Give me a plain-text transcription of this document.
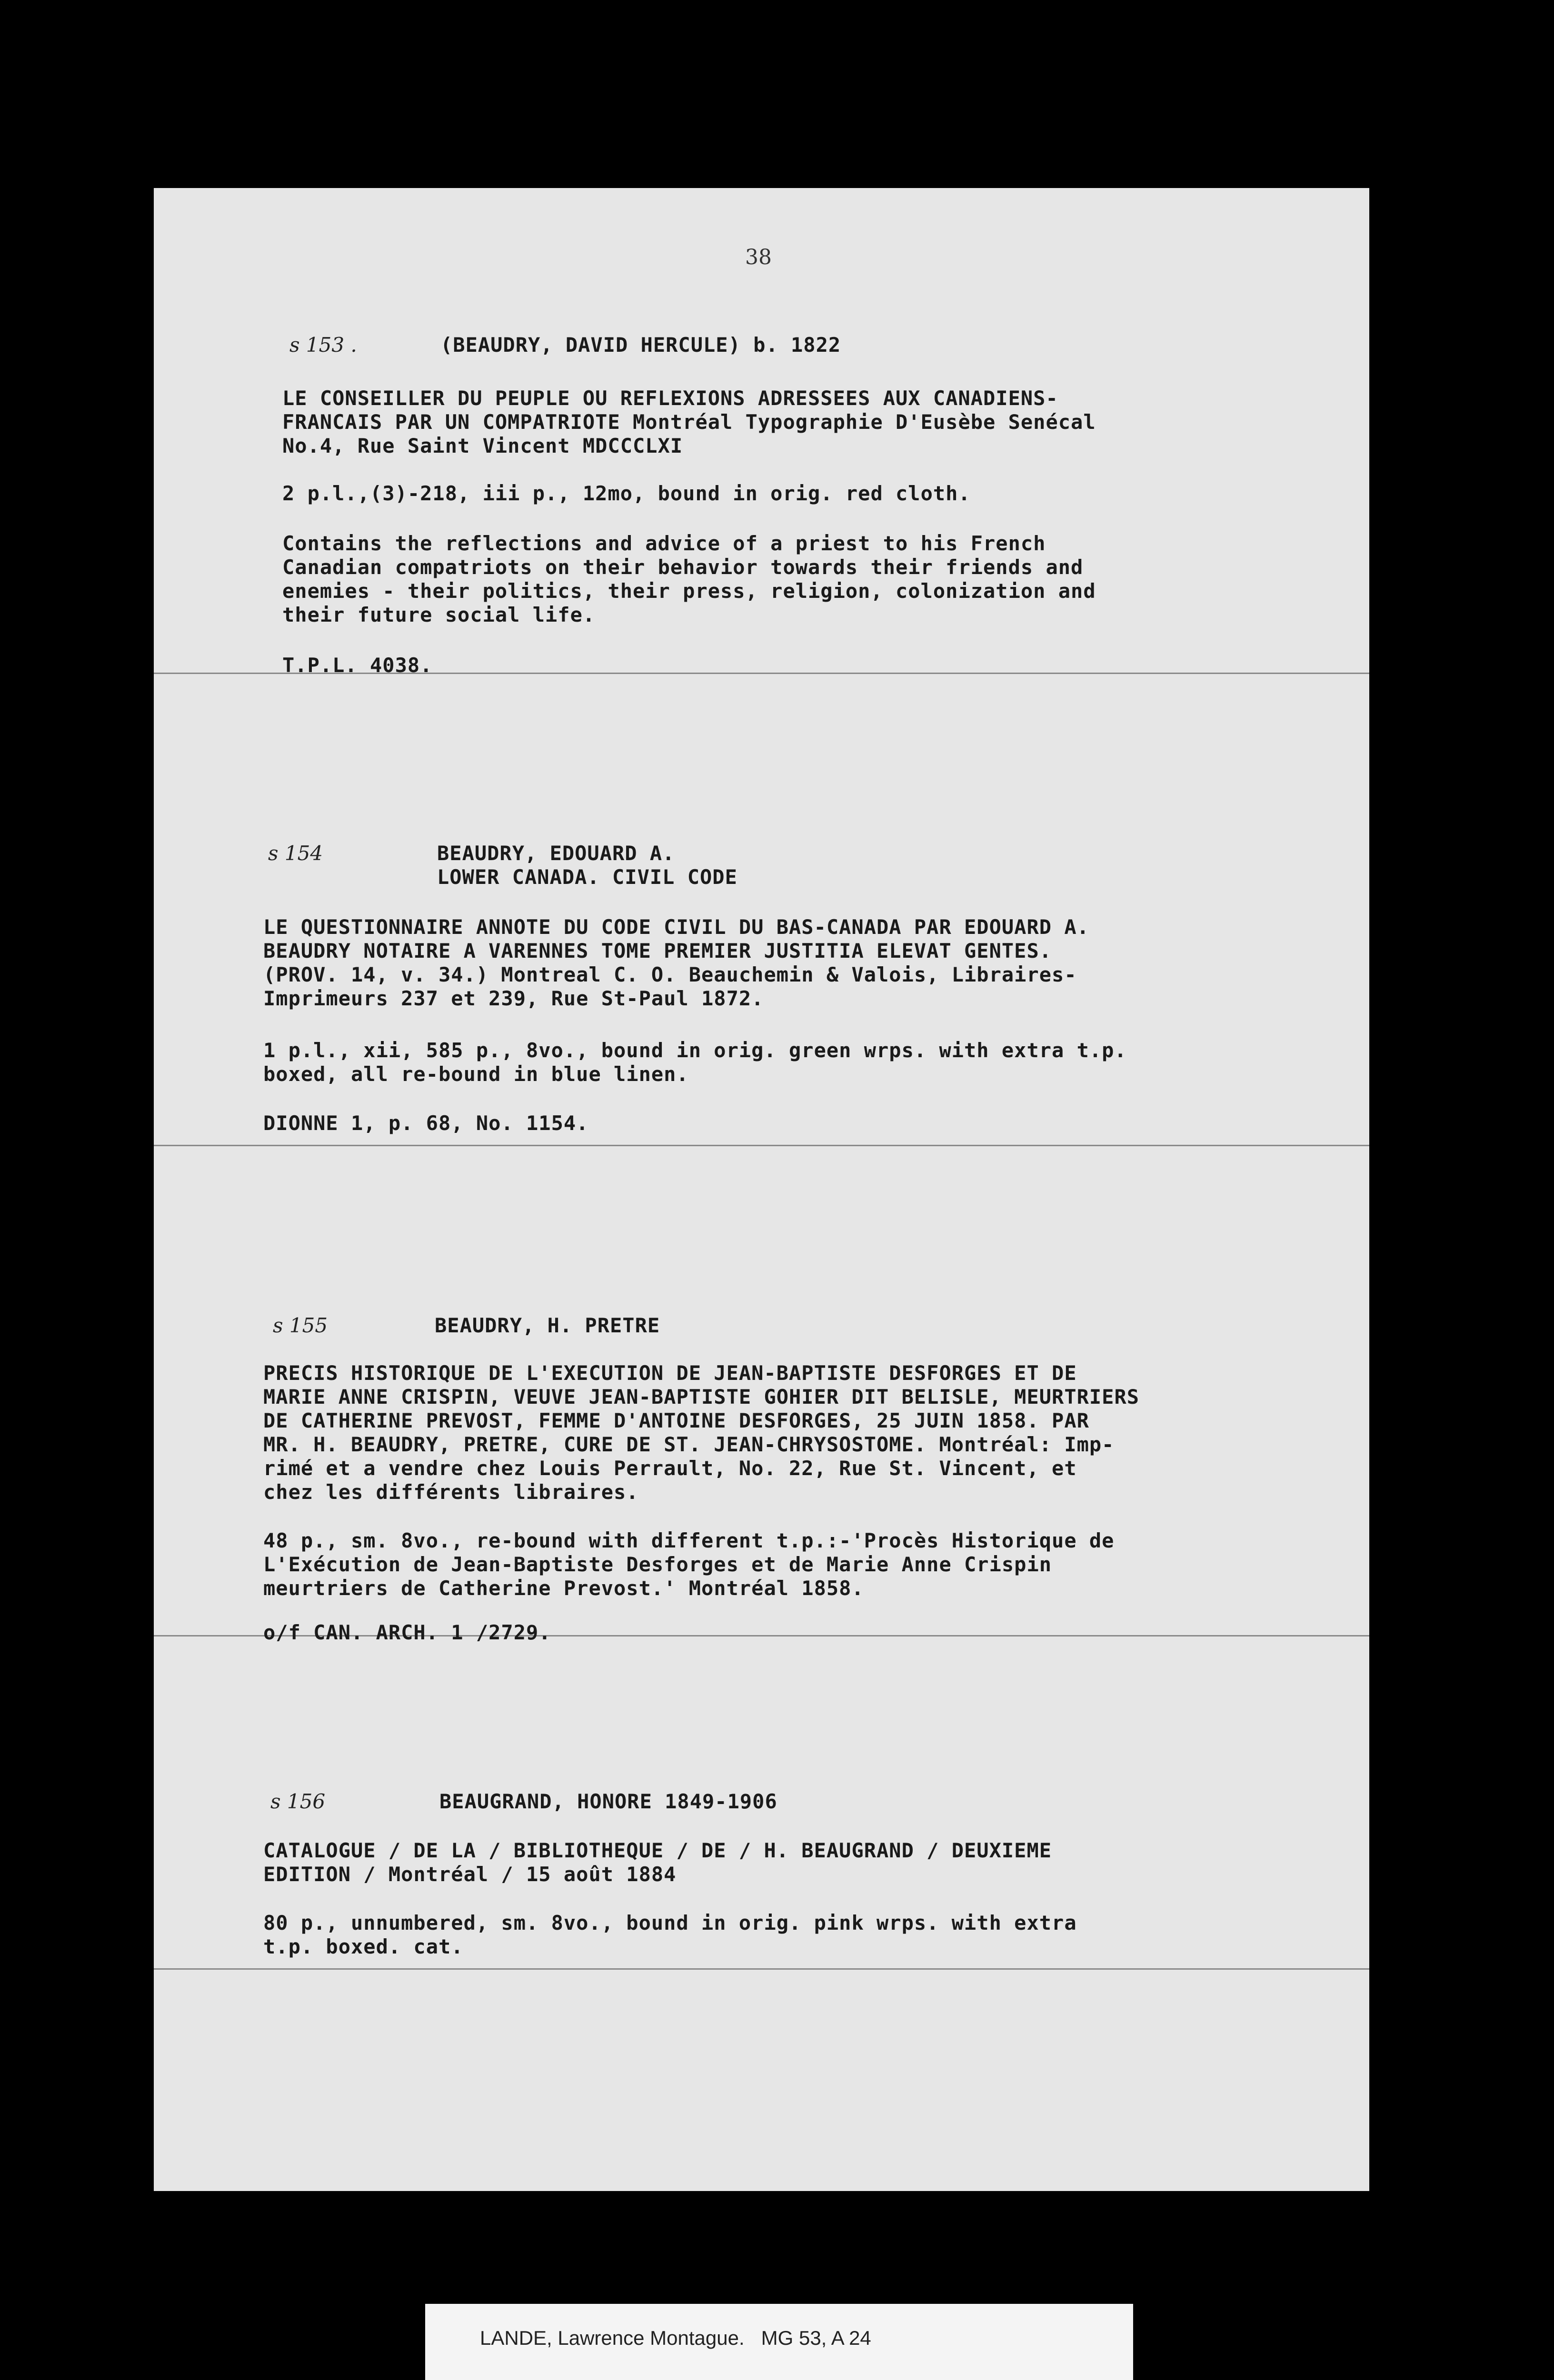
38
s 153 .	(BEAUDRY, DAVID HERCULE) b. 1822
LE CONSEILLER DU PEUPLE OU REFLEXIONS ADRESSEES AUX CANADIENS-
FRANCAIS PAR UN COMPATRIOTE Montréal Typographie D'Eusèbe Senécal
No.4, Rue Saint Vincent MDCCCLXI
2 p.l.,(3)-218, iii p., 12mo, bound in orig. red cloth.
Contains the reflections and advice of a priest to his French
Canadian compatriots on their behavior towards their friends and
enemies - their politics, their press, religion, colonization and
their future social life.
T.P.L. 4038.
s 154	BEAUDRY, EDOUARD A.
LOWER CANADA. CIVIL CODE
LE QUESTIONNAIRE ANNOTE DU CODE CIVIL DU BAS-CANADA PAR EDOUARD A.
BEAUDRY NOTAIRE A VARENNES TOME PREMIER JUSTITIA ELEVAT GENTES.
(PROV. 14, v. 34.) Montreal C. O. Beauchemin & Valois, Libraires-
Imprimeurs 237 et 239, Rue St-Paul 1872.
1 p.l., xii, 585 p., 8vo., bound in orig. green wrps. with extra t.p.
boxed, all re-bound in blue linen.
DIONNE 1, p. 68, No. 1154.
s 155	BEAUDRY, H. PRETRE
PRECIS HISTORIQUE DE L'EXECUTION DE JEAN-BAPTISTE DESFORGES ET DE
MARIE ANNE CRISPIN, VEUVE JEAN-BAPTISTE GOHIER DIT BELISLE, MEURTRIERS
DE CATHERINE PREVOST, FEMME D'ANTOINE DESFORGES, 25 JUIN 1858. PAR
MR. H. BEAUDRY, PRETRE, CURE DE ST. JEAN-CHRYSOSTOME. Montréal: Imp-
rimé et a vendre chez Louis Perrault, No. 22, Rue St. Vincent, et
chez les différents libraires.
48 p., sm. 8vo., re-bound with different t.p.:-'Procès Historique de
L'Exécution de Jean-Baptiste Desforges et de Marie Anne Crispin
meurtriers de Catherine Prevost.' Montréal 1858.
o/f CAN. ARCH. 1 /2729.
s 156	BEAUGRAND, HONORE 1849-1906
CATALOGUE / DE LA / BIBLIOTHEQUE / DE / H. BEAUGRAND / DEUXIEME
EDITION / Montréal / 15 août 1884
80 p., unnumbered, sm. 8vo., bound in orig. pink wrps. with extra
t.p. boxed. cat.
LANDE, Lawrence Montague.   MG 53, A 24
